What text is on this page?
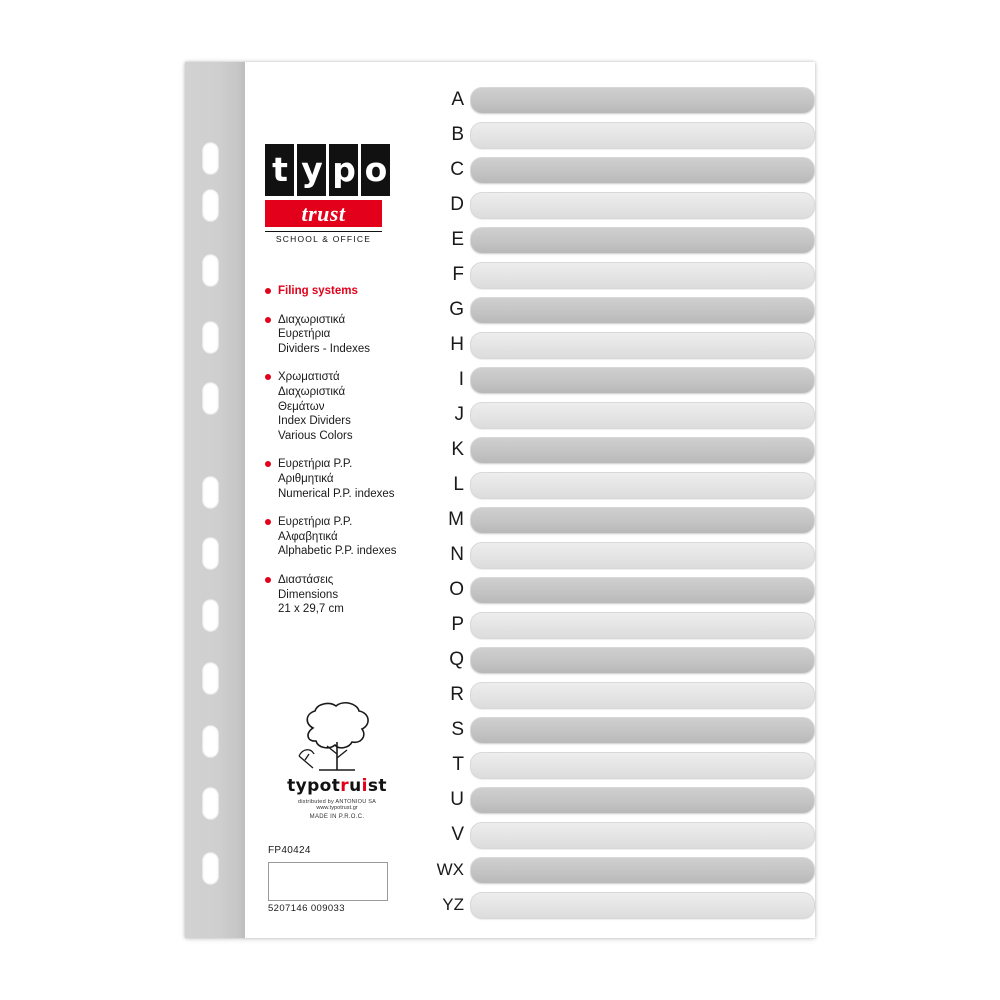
t y p o
trust
SCHOOL & OFFICE
Filing systems
Διαχωριστικά
Ευρετήρια
Dividers - Indexes
Χρωματιστά
Διαχωριστικά
Θεμάτων
Index Dividers
Various Colors
Ευρετήρια P.P.
Αριθμητικά
Numerical P.P. indexes
Ευρετήρια P.P.
Αλφαβητικά
Alphabetic P.P. indexes
Διαστάσεις
Dimensions
21 x 29,7 cm
typotruist
distributed by ANTONIOU SA
www.typotrust.gr
MADE IN P.R.O.C.
FP40424
5207146 009033
A
B
C
D
E
F
G
H
I
J
K
L
M
N
O
P
Q
R
S
T
U
V
WX
YZ
